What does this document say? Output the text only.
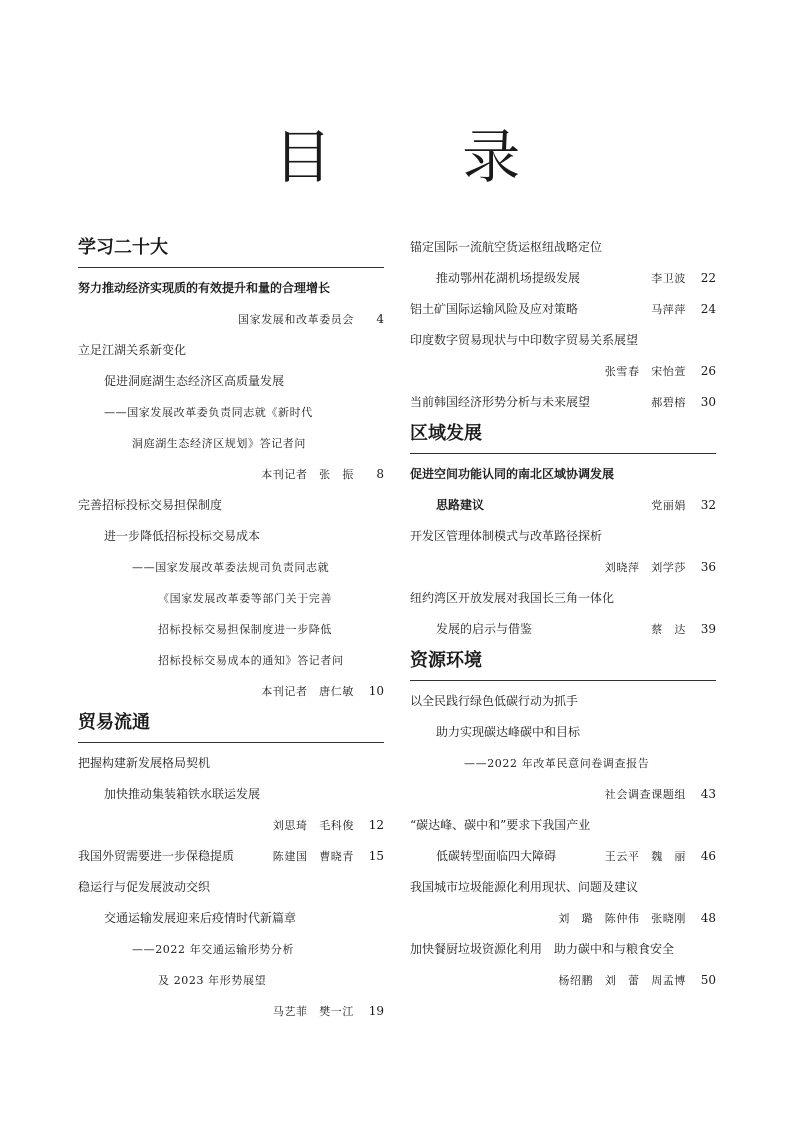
目 录
学习二十大
努力推动经济实现质的有效提升和量的合理增长
国家发展和改革委员会 4
立足江湖关系新变化
促进洞庭湖生态经济区高质量发展
——国家发展改革委负责同志就《新时代
洞庭湖生态经济区规划》答记者问
本刊记者　张　振 8
完善招标投标交易担保制度
进一步降低招标投标交易成本
——国家发展改革委法规司负责同志就
《国家发展改革委等部门关于完善
招标投标交易担保制度进一步降低
招标投标交易成本的通知》答记者问
本刊记者　唐仁敏 10
贸易流通
把握构建新发展格局契机
加快推动集装箱铁水联运发展
刘思琦　毛科俊 12
我国外贸需要进一步保稳提质	陈建国　曹晓青 15
稳运行与促发展波动交织
交通运输发展迎来后疫情时代新篇章
——2022 年交通运输形势分析
及 2023 年形势展望
马艺菲　樊一江 19
锚定国际一流航空货运枢纽战略定位
推动鄂州花湖机场提级发展	李卫波 22
铝土矿国际运输风险及应对策略	马萍萍 24
印度数字贸易现状与中印数字贸易关系展望
张雪春　宋怡萱 26
当前韩国经济形势分析与未来展望	郝碧榕 30
区域发展
促进空间功能认同的南北区域协调发展
思路建议	党丽娟 32
开发区管理体制模式与改革路径探析
刘晓萍　刘学莎 36
纽约湾区开放发展对我国长三角一体化
发展的启示与借鉴	蔡　达 39
资源环境
以全民践行绿色低碳行动为抓手
助力实现碳达峰碳中和目标
——2022 年改革民意问卷调查报告
社会调查课题组 43
“碳达峰、碳中和”要求下我国产业
低碳转型面临四大障碍	王云平　魏　丽 46
我国城市垃圾能源化利用现状、问题及建议
刘　璐　陈仲伟　张晓刚 48
加快餐厨垃圾资源化利用　助力碳中和与粮食安全
杨绍鹏　刘　蕾　周孟博 50
